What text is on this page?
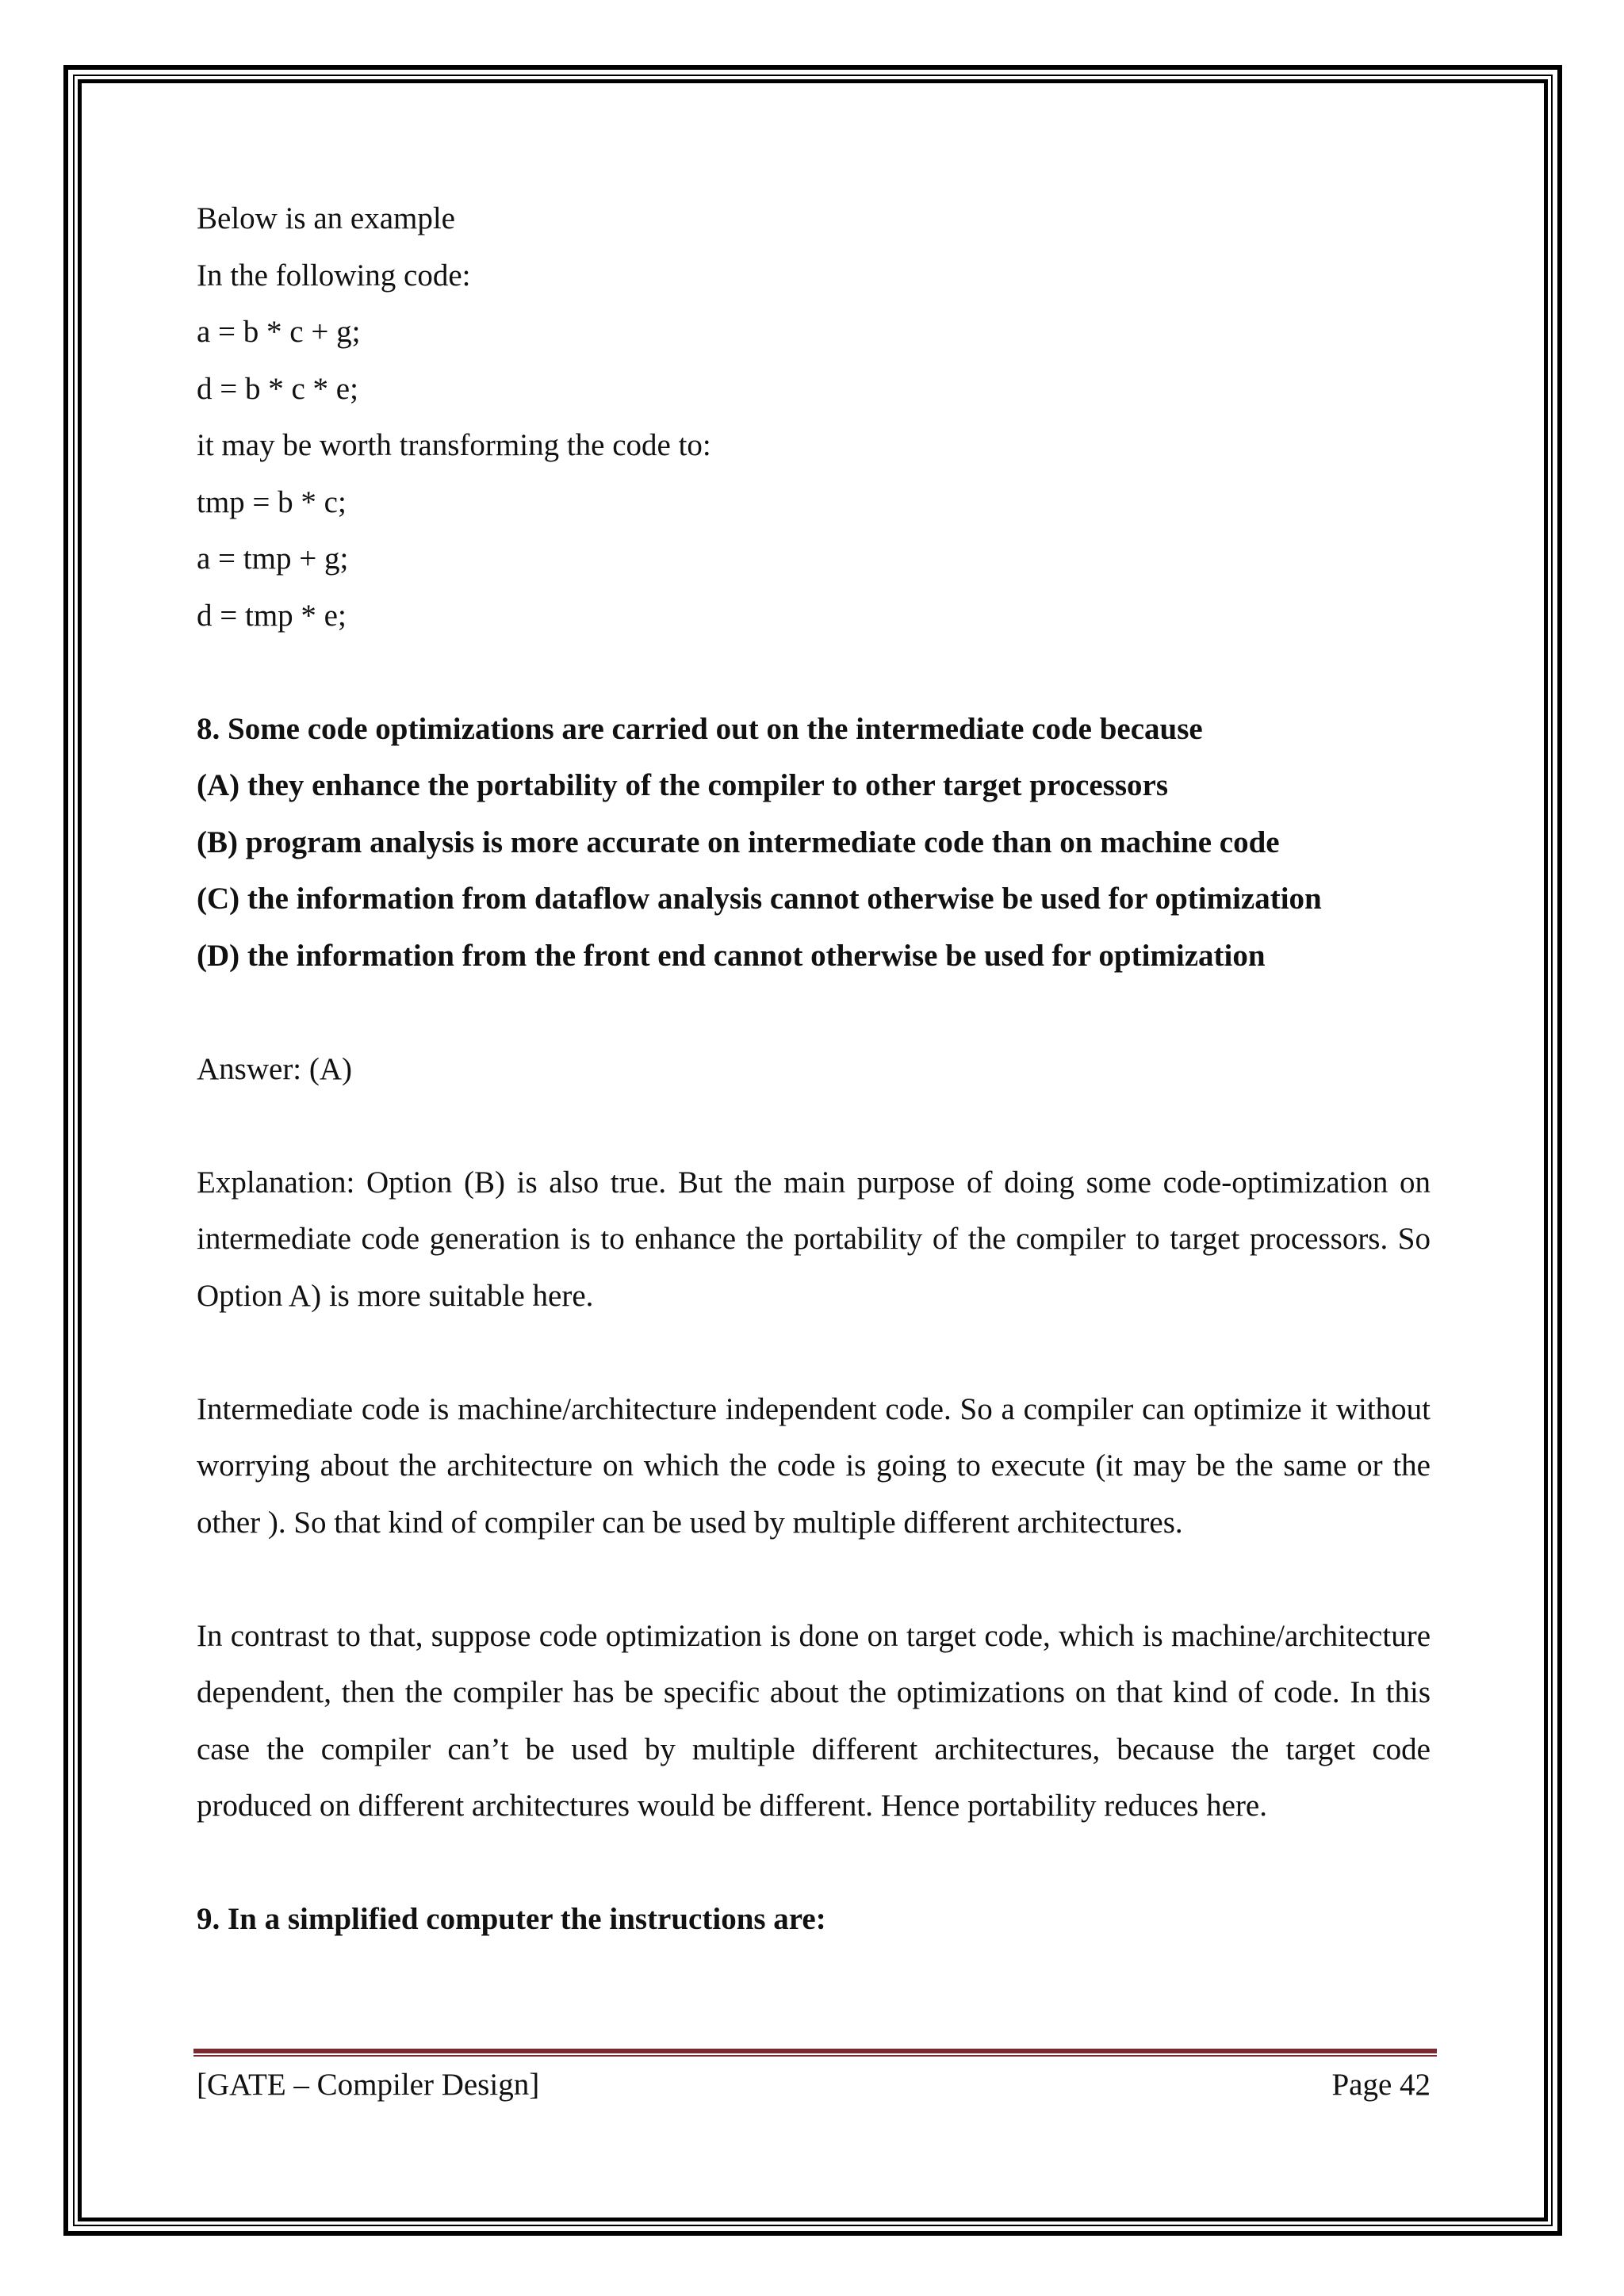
Below is an example
In the following code:
a = b * c + g;
d = b * c * e;
it may be worth transforming the code to:
tmp = b * c;
a = tmp + g;
d = tmp * e;
8. Some code optimizations are carried out on the intermediate code because
(A) they enhance the portability of the compiler to other target processors
(B) program analysis is more accurate on intermediate code than on machine code
(C) the information from dataflow analysis cannot otherwise be used for optimization
(D) the information from the front end cannot otherwise be used for optimization
Answer: (A)

Explanation: Option (B) is also true. But the main purpose of doing some code-optimization on intermediate code generation is to enhance the portability of the compiler to target processors. So Option A) is more suitable here.

Intermediate code is machine/architecture independent code. So a compiler can optimize it without worrying about the architecture on which the code is going to execute (it may be the same or the other ). So that kind of compiler can be used by multiple different architectures.

In contrast to that, suppose code optimization is done on target code, which is machine/architecture dependent, then the compiler has be specific about the optimizations on that kind of code. In this case the compiler can’t be used by multiple different architectures, because the target code produced on different architectures would be different. Hence portability reduces here.

9. In a simplified computer the instructions are:
[GATE – Compiler Design]	Page 42
